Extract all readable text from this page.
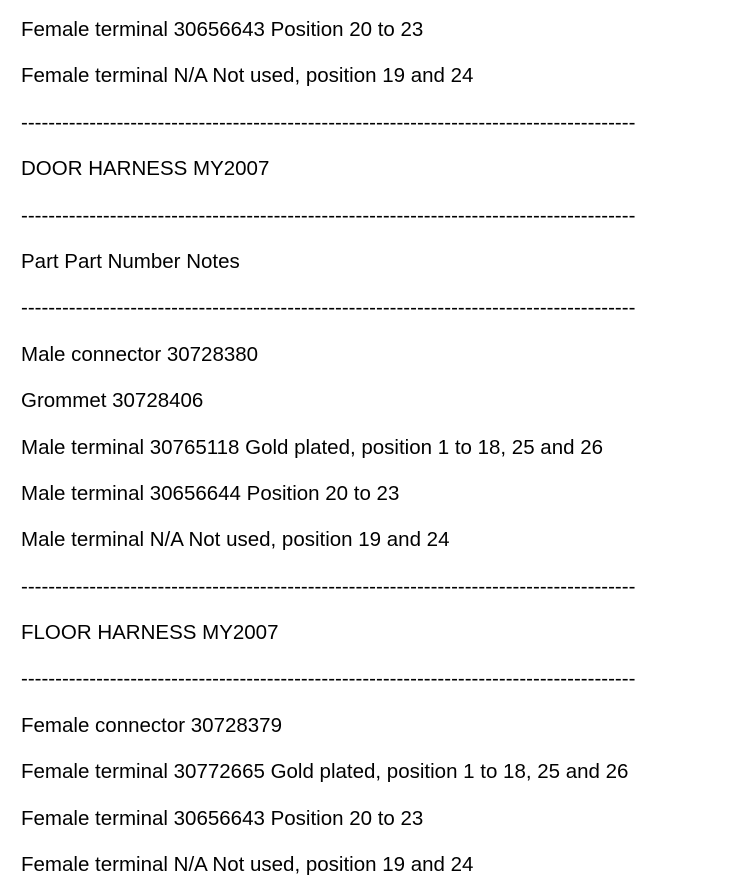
Female terminal 30656643 Position 20 to 23
Female terminal N/A Not used, position 19 and 24
------------------------------------------------------------------------------------------
DOOR HARNESS MY2007
------------------------------------------------------------------------------------------
Part Part Number Notes
------------------------------------------------------------------------------------------
Male connector 30728380
Grommet 30728406
Male terminal 30765118 Gold plated, position 1 to 18, 25 and 26
Male terminal 30656644 Position 20 to 23
Male terminal N/A Not used, position 19 and 24
------------------------------------------------------------------------------------------
FLOOR HARNESS MY2007
------------------------------------------------------------------------------------------
Female connector 30728379
Female terminal 30772665 Gold plated, position 1 to 18, 25 and 26
Female terminal 30656643 Position 20 to 23
Female terminal N/A Not used, position 19 and 24
